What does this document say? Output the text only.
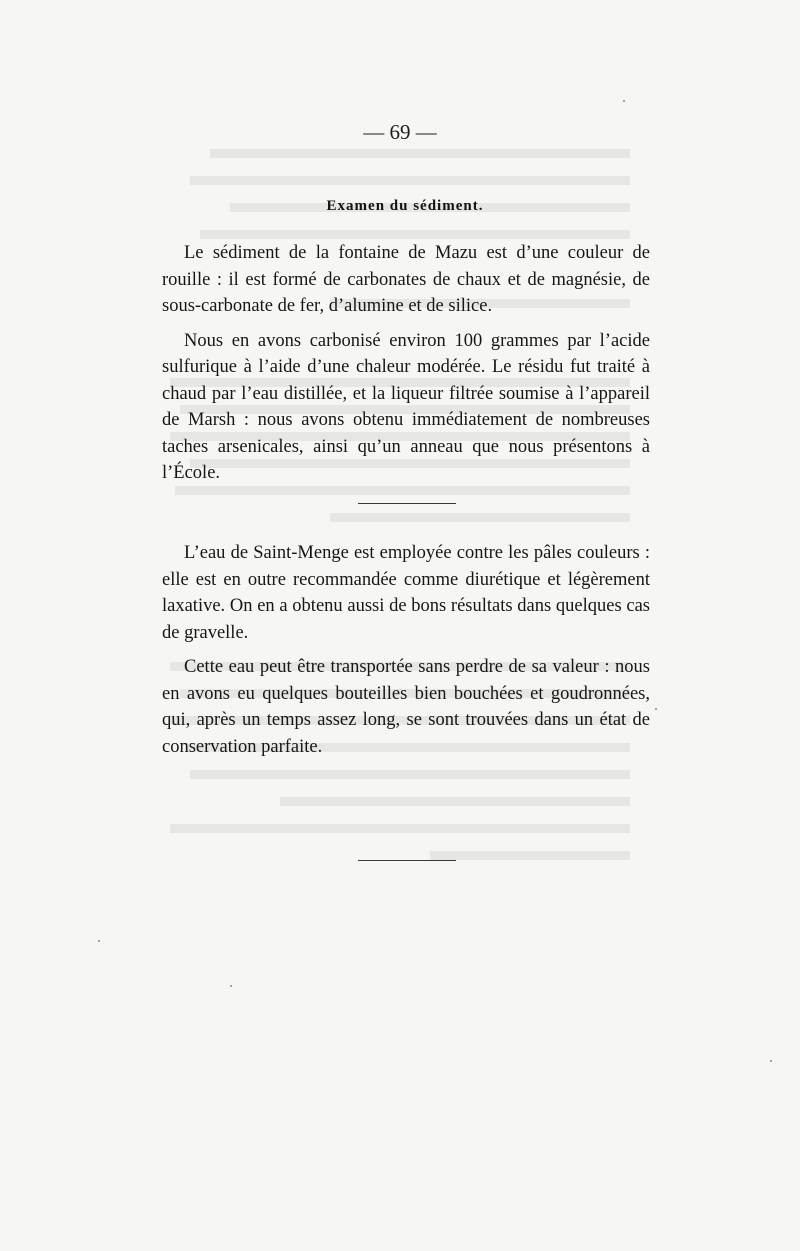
— 69 —
Examen du sédiment.

Le sédiment de la fontaine de Mazu est d’une couleur de rouille : il est formé de carbonates de chaux et de magnésie, de sous-carbonate de fer, d’alumine et de silice.

Nous en avons carbonisé environ 100 grammes par l’acide sulfurique à l’aide d’une chaleur modérée. Le résidu fut traité à chaud par l’eau distillée, et la liqueur filtrée soumise à l’appareil de Marsh : nous avons obtenu immédiatement de nombreuses taches arsenicales, ainsi qu’un anneau que nous présentons à l’École.

L’eau de Saint-Menge est employée contre les pâles couleurs : elle est en outre recommandée comme diurétique et légèrement laxative. On en a obtenu aussi de bons résultats dans quelques cas de gravelle.

Cette eau peut être transportée sans perdre de sa valeur : nous en avons eu quelques bouteilles bien bouchées et goudronnées, qui, après un temps assez long, se sont trouvées dans un état de conservation parfaite.
